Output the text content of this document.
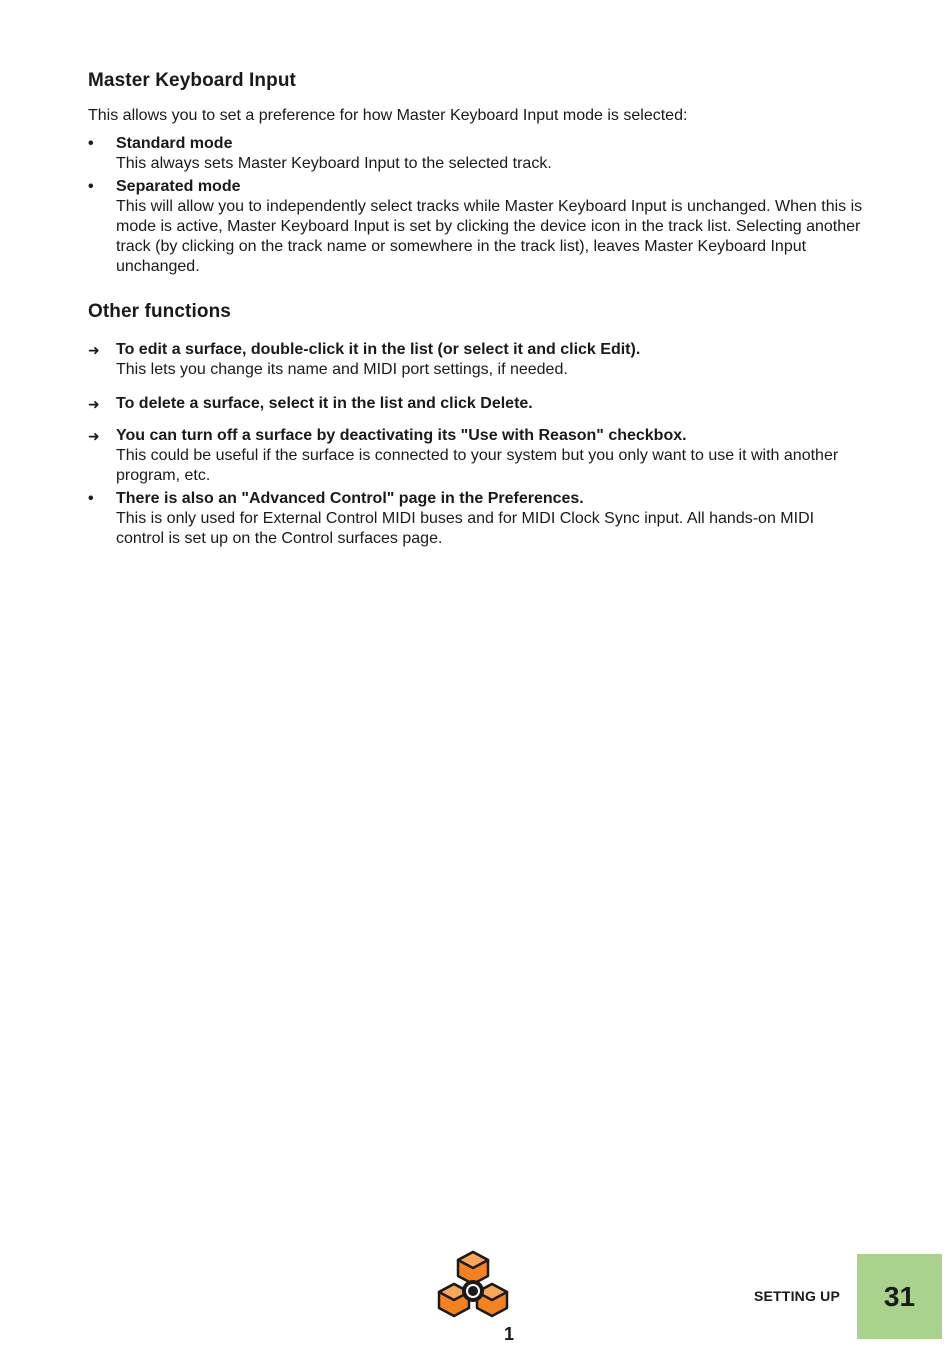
Master Keyboard Input

This allows you to set a preference for how Master Keyboard Input mode is selected:

•	Standard mode
This always sets Master Keyboard Input to the selected track.
•	Separated mode
This will allow you to independently select tracks while Master Keyboard Input is unchanged. When this is mode is active, Master Keyboard Input is set by clicking the device icon in the track list. Selecting another track (by clicking on the track name or somewhere in the track list), leaves Master Keyboard Input unchanged.
Other functions
➜	To edit a surface, double-click it in the list (or select it and click Edit).
This lets you change its name and MIDI port settings, if needed.
➜	To delete a surface, select it in the list and click Delete.
➜	You can turn off a surface by deactivating its "Use with Reason" checkbox.
This could be useful if the surface is connected to your system but you only want to use it with another program, etc.
•	There is also an "Advanced Control" page in the Preferences.
This is only used for External Control MIDI buses and for MIDI Clock Sync input. All hands-on MIDI control is set up on the Control surfaces page.
1
SETTING UP 31
